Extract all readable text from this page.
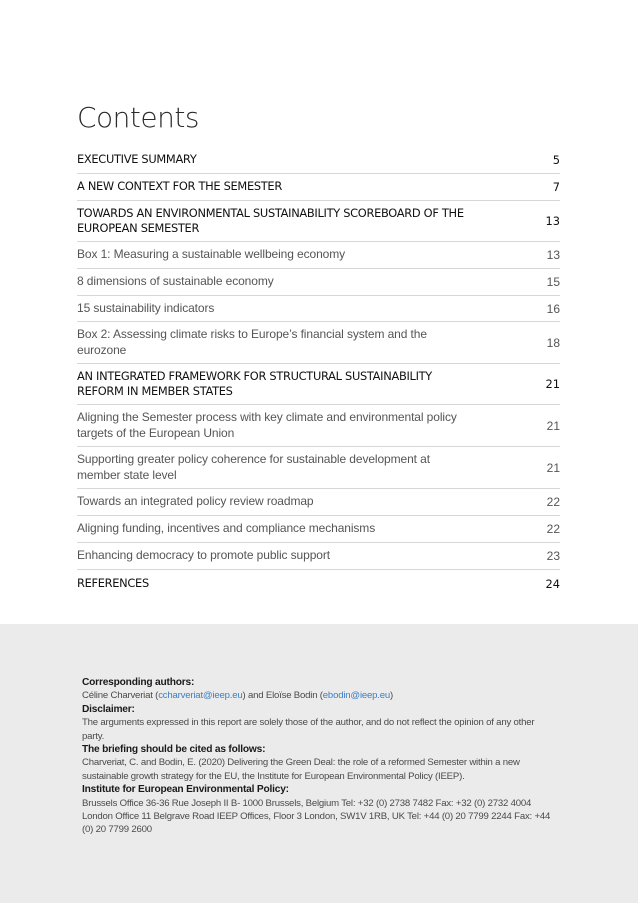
Contents
EXECUTIVE SUMMARY	5
A NEW CONTEXT FOR THE SEMESTER	7
TOWARDS AN ENVIRONMENTAL SUSTAINABILITY SCOREBOARD OF THE EUROPEAN SEMESTER	13
Box 1: Measuring a sustainable wellbeing economy	13
8 dimensions of sustainable economy	15
15 sustainability indicators	16
Box 2: Assessing climate risks to Europe’s financial system and the eurozone	18
AN INTEGRATED FRAMEWORK FOR STRUCTURAL SUSTAINABILITY REFORM IN MEMBER STATES	21
Aligning the Semester process with key climate and environmental policy targets of the European Union	21
Supporting greater policy coherence for sustainable development at member state level	21
Towards an integrated policy review roadmap	22
Aligning funding, incentives and compliance mechanisms	22
Enhancing democracy to promote public support	23
REFERENCES	24
Corresponding authors:
Céline Charveriat (ccharveriat@ieep.eu) and Eloïse Bodin (ebodin@ieep.eu)
Disclaimer:
The arguments expressed in this report are solely those of the author, and do not reflect the opinion of any other party.
The briefing should be cited as follows:
Charveriat, C. and Bodin, E. (2020) Delivering the Green Deal: the role of a reformed Semester within a new sustainable growth strategy for the EU, the Institute for European Environmental Policy (IEEP).
Institute for European Environmental Policy:
Brussels Office 36-36 Rue Joseph II B- 1000 Brussels, Belgium Tel: +32 (0) 2738 7482 Fax: +32 (0) 2732 4004
London Office 11 Belgrave Road IEEP Offices, Floor 3 London, SW1V 1RB, UK Tel: +44 (0) 20 7799 2244 Fax: +44 (0) 20 7799 2600
